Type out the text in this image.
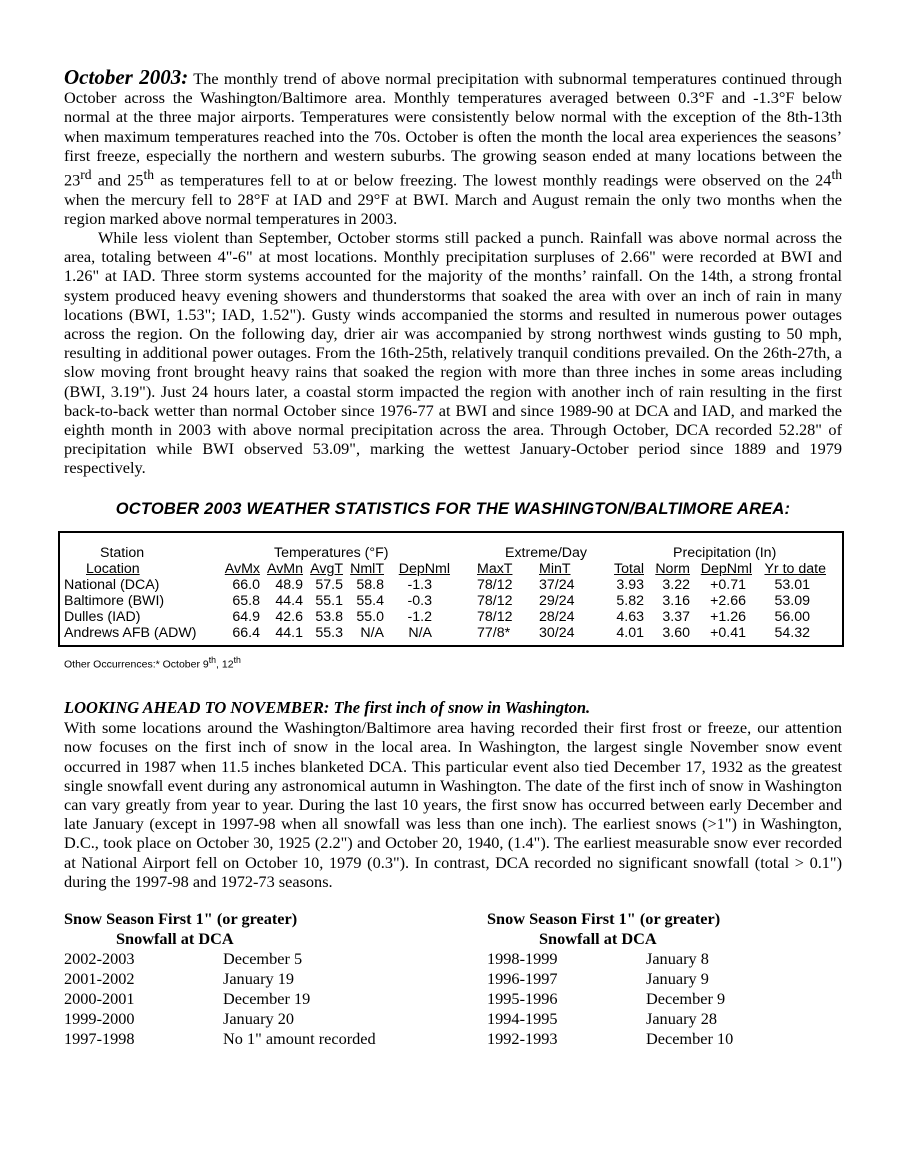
October 2003: The monthly trend of above normal precipitation with subnormal temperatures continued through October across the Washington/Baltimore area. Monthly temperatures averaged between 0.3°F and -1.3°F below normal at the three major airports. Temperatures were consistently below normal with the exception of the 8th-13th when maximum temperatures reached into the 70s. October is often the month the local area experiences the seasons’ first freeze, especially the northern and western suburbs. The growing season ended at many locations between the 23rd and 25th as temperatures fell to at or below freezing. The lowest monthly readings were observed on the 24th when the mercury fell to 28°F at IAD and 29°F at BWI. March and August remain the only two months when the region marked above normal temperatures in 2003.

While less violent than September, October storms still packed a punch. Rainfall was above normal across the area, totaling between 4"-6" at most locations. Monthly precipitation surpluses of 2.66" were recorded at BWI and 1.26" at IAD. Three storm systems accounted for the majority of the months’ rainfall. On the 14th, a strong frontal system produced heavy evening showers and thunderstorms that soaked the area with over an inch of rain in many locations (BWI, 1.53"; IAD, 1.52"). Gusty winds accompanied the storms and resulted in numerous power outages across the region. On the following day, drier air was accompanied by strong northwest winds gusting to 50 mph, resulting in additional power outages. From the 16th-25th, relatively tranquil conditions prevailed. On the 26th-27th, a slow moving front brought heavy rains that soaked the region with more than three inches in some areas including (BWI, 3.19"). Just 24 hours later, a coastal storm impacted the region with another inch of rain resulting in the first back-to-back wetter than normal October since 1976-77 at BWI and since 1989-90 at DCA and IAD, and marked the eighth month in 2003 with above normal precipitation across the area. Through October, DCA recorded 52.28" of precipitation while BWI observed 53.09", marking the wettest January-October period since 1889 and 1979 respectively.

OCTOBER 2003 WEATHER STATISTICS FOR THE WASHINGTON/BALTIMORE AREA:
Station	Temperatures (°F)	Extreme/Day	Precipitation (In)
Location	AvMx AvMn AvgT NmlT	DepNml MaxT MinT	Total Norm DepNml Yr to date
National (DCA)	66.0	48.9 57.5 58.8	-1.3	78/12 37/24	3.93	3.22	+0.71	53.01
Baltimore (BWI)	65.8	44.4 55.1 55.4	-0.3	78/12 29/24	5.82	3.16	+2.66	53.09
Dulles (IAD)	64.9	42.6 53.8 55.0	-1.2	78/12 28/24	4.63	3.37	+1.26	56.00
Andrews AFB (ADW)	66.4	44.1 55.3	N/A	N/A	77/8* 30/24	4.01	3.60	+0.41	54.32
Other Occurrences:* October 9th, 12th
LOOKING AHEAD TO NOVEMBER: The first inch of snow in Washington.

With some locations around the Washington/Baltimore area having recorded their first frost or freeze, our attention now focuses on the first inch of snow in the local area. In Washington, the largest single November snow event occurred in 1987 when 11.5 inches blanketed DCA. This particular event also tied December 17, 1932 as the greatest single snowfall event during any astronomical autumn in Washington. The date of the first inch of snow in Washington can vary greatly from year to year. During the last 10 years, the first snow has occurred between early December and late January (except in 1997-98 when all snowfall was less than one inch). The earliest snows (>1") in Washington, D.C., took place on October 30, 1925 (2.2") and October 20, 1940, (1.4"). The earliest measurable snow ever recorded at National Airport fell on October 10, 1979 (0.3"). In contrast, DCA recorded no significant snowfall (total > 0.1") during the 1997-98 and 1972-73 seasons.

Snow Season First 1" (or greater)
Snowfall at DCA
2002-2003	December 5
2001-2002	January 19
2000-2001	December 19
1999-2000	January 20
1997-1998	No 1" amount recorded
Snow Season First 1" (or greater)
Snowfall at DCA
1998-1999	January 8
1996-1997	January 9
1995-1996	December 9
1994-1995	January 28
1992-1993	December 10
